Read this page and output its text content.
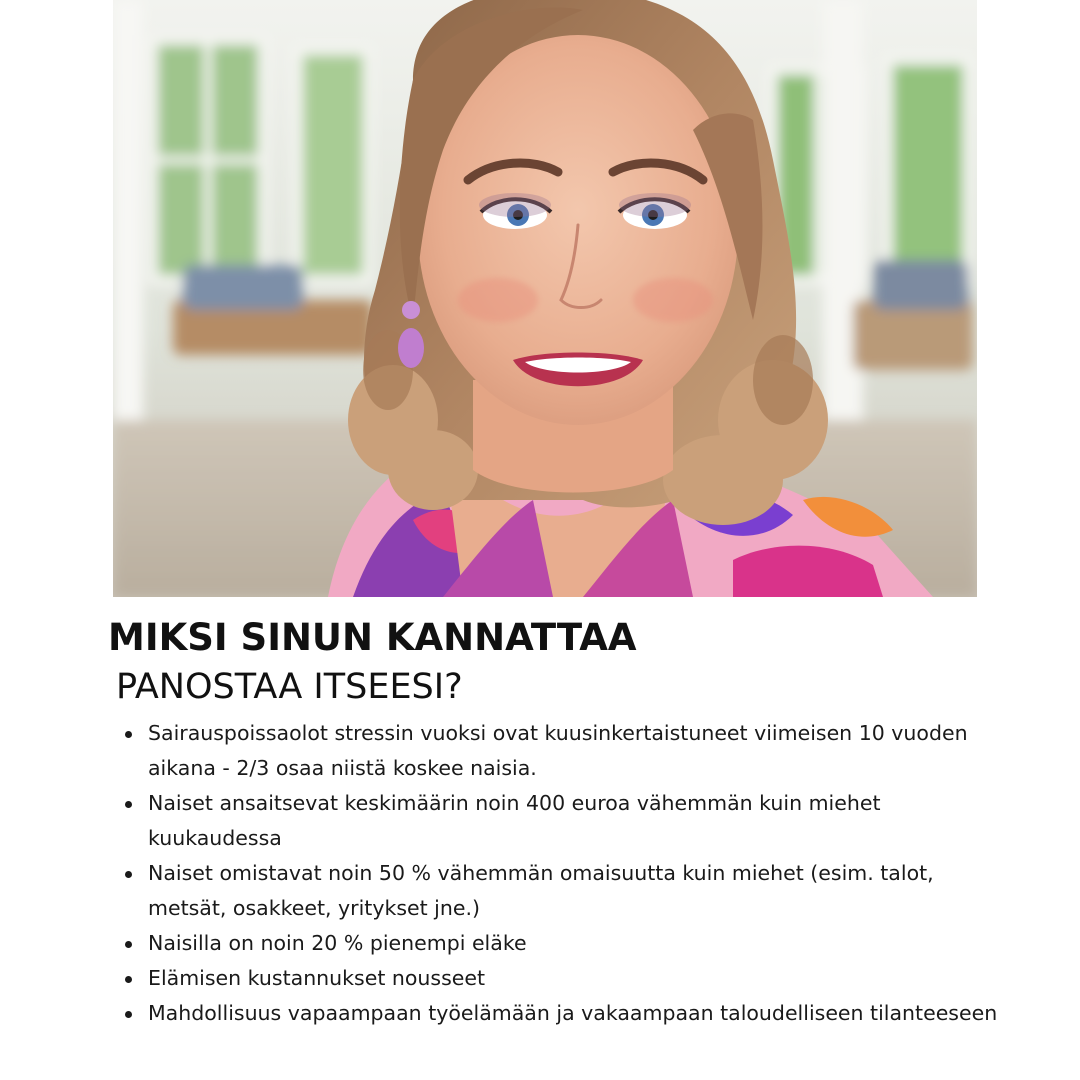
MIKSI SINUN KANNATTAA
PANOSTAA ITSEESI?
Sairauspoissaolot stressin vuoksi ovat kuusinkertaistuneet viimeisen 10 vuoden aikana - 2/3 osaa niistä koskee naisia.
Naiset ansaitsevat keskimäärin noin 400 euroa vähemmän kuin miehet kuukaudessa
Naiset omistavat noin 50 % vähemmän omaisuutta kuin miehet (esim. talot, metsät, osakkeet, yritykset jne.)
Naisilla on noin 20 % pienempi eläke
Elämisen kustannukset nousseet
Mahdollisuus vapaampaan työelämään ja vakaampaan taloudelliseen tilanteeseen
